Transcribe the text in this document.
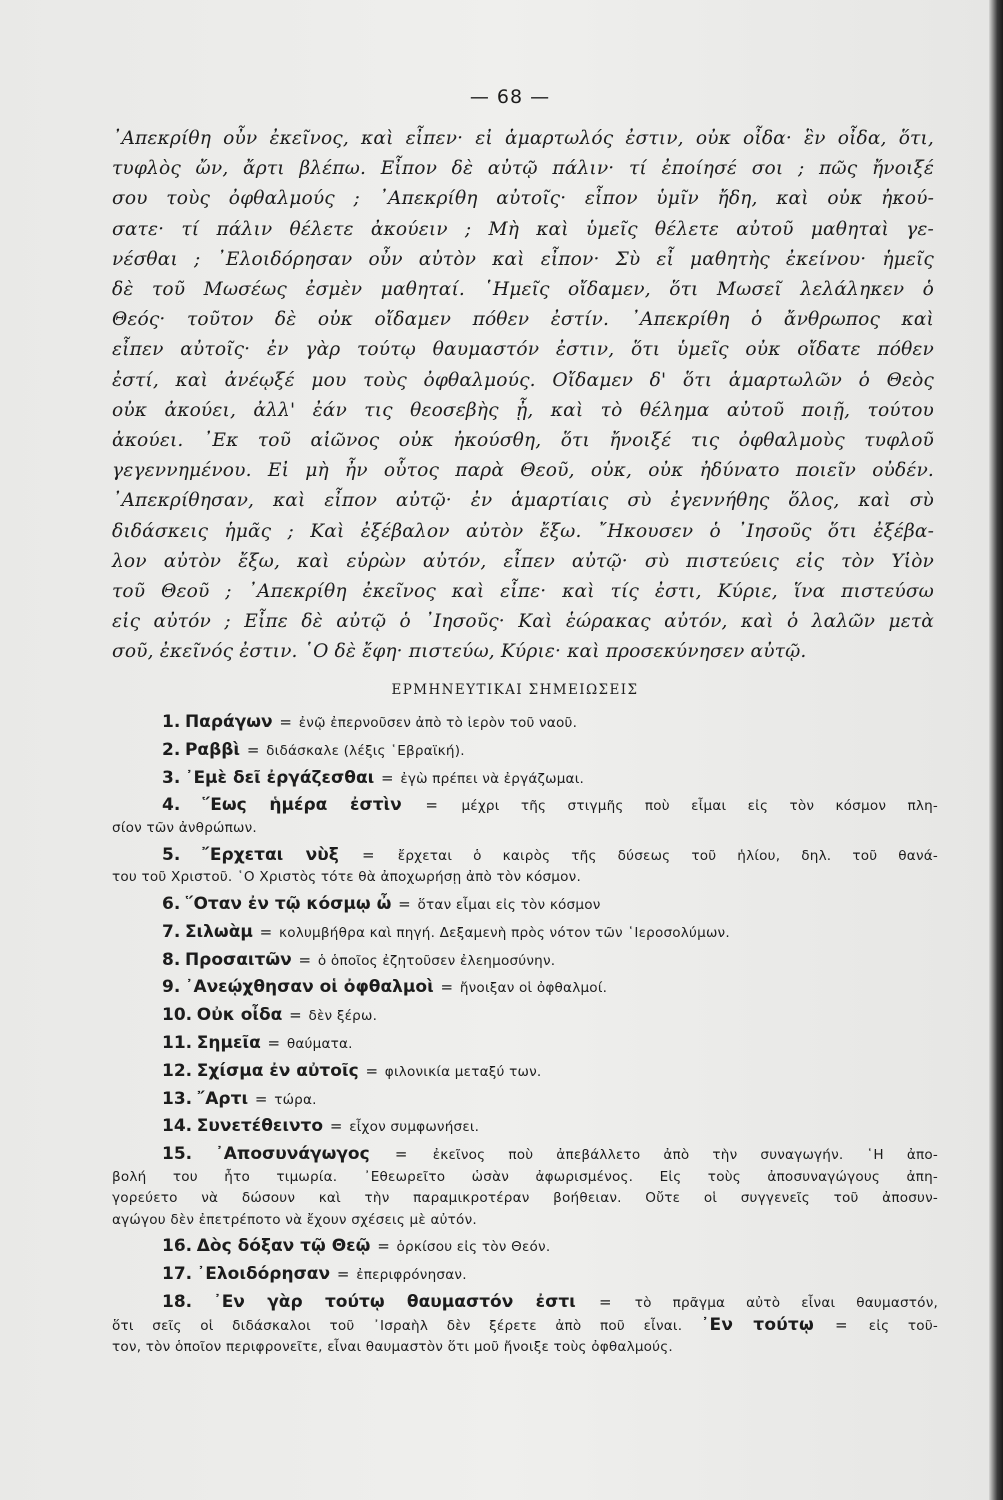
— 68 —
᾿Απεκρίθη οὖν ἐκεῖνος, καὶ εἶπεν· εἰ ἁμαρτωλός ἐστιν, οὐκ οἶδα· ἓν οἶδα, ὅτι,
τυφλὸς ὤν, ἄρτι βλέπω. Εἶπον δὲ αὐτῷ πάλιν· τί ἐποίησέ σοι ; πῶς ἤνοιξέ
σου τοὺς ὀφθαλμούς ; ᾿Απεκρίθη αὐτοῖς· εἶπον ὑμῖν ἤδη, καὶ οὐκ ἠκού-
σατε· τί πάλιν θέλετε ἀκούειν ; Μὴ καὶ ὑμεῖς θέλετε αὐτοῦ μαθηταὶ γε-
νέσθαι ; ᾿Ελοιδόρησαν οὖν αὐτὸν καὶ εἶπον· Σὺ εἶ μαθητὴς ἐκείνου· ἡμεῖς
δὲ τοῦ Μωσέως ἐσμὲν μαθηταί. ῾Ημεῖς οἴδαμεν, ὅτι Μωσεῖ λελάληκεν ὁ
Θεός· τοῦτον δὲ οὐκ οἴδαμεν πόθεν ἐστίν. ᾿Απεκρίθη ὁ ἄνθρωπος καὶ
εἶπεν αὐτοῖς· ἐν γὰρ τούτῳ θαυμαστόν ἐστιν, ὅτι ὑμεῖς οὐκ οἴδατε πόθεν
ἐστί, καὶ ἀνέῳξέ μου τοὺς ὀφθαλμούς. Οἴδαμεν δ' ὅτι ἁμαρτωλῶν ὁ Θεὸς
οὐκ ἀκούει, ἀλλ' ἐάν τις θεοσεβὴς ᾖ, καὶ τὸ θέλημα αὐτοῦ ποιῇ, τούτου
ἀκούει. ᾿Εκ τοῦ αἰῶνος οὐκ ἠκούσθη, ὅτι ἤνοιξέ τις ὀφθαλμοὺς τυφλοῦ
γεγεννημένου. Εἰ μὴ ἦν οὗτος παρὰ Θεοῦ, οὐκ, οὐκ ἠδύνατο ποιεῖν οὐδέν.
᾿Απεκρίθησαν, καὶ εἶπον αὐτῷ· ἐν ἁμαρτίαις σὺ ἐγεννήθης ὅλος, καὶ σὺ
διδάσκεις ἡμᾶς ; Καὶ ἐξέβαλον αὐτὸν ἔξω. ῎Ηκουσεν ὁ ᾿Ιησοῦς ὅτι ἐξέβα-
λον αὐτὸν ἔξω, καὶ εὑρὼν αὐτόν, εἶπεν αὐτῷ· σὺ πιστεύεις εἰς τὸν Υἱὸν
τοῦ Θεοῦ ; ᾿Απεκρίθη ἐκεῖνος καὶ εἶπε· καὶ τίς ἐστι, Κύριε, ἵνα πιστεύσω
εἰς αὐτόν ; Εἶπε δὲ αὐτῷ ὁ ᾿Ιησοῦς· Καὶ ἑώρακας αὐτόν, καὶ ὁ λαλῶν μετὰ
σοῦ, ἐκεῖνός ἐστιν. ῾Ο δὲ ἔφη· πιστεύω, Κύριε· καὶ προσεκύνησεν αὐτῷ.
ΕΡΜΗΝΕΥΤΙΚΑΙ ΣΗΜΕΙΩΣΕΙΣ
1. Παράγων = ἐνῷ ἐπερνοῦσεν ἀπὸ τὸ ἱερὸν τοῦ ναοῦ.
2. Ραββὶ = διδάσκαλε (λέξις ῾Εβραϊκή).
3. ᾿Εμὲ δεῖ ἐργάζεσθαι = ἐγὼ πρέπει νὰ ἐργάζωμαι.
4. ῞Εως ἡμέρα ἐστὶν = μέχρι τῆς στιγμῆς ποὺ εἶμαι εἰς τὸν κόσμον πλη-
σίον τῶν ἀνθρώπων.
5. ῎Ερχεται νὺξ = ἔρχεται ὁ καιρὸς τῆς δύσεως τοῦ ἡλίου, δηλ. τοῦ θανά-
του τοῦ Χριστοῦ. ῾Ο Χριστὸς τότε θὰ ἀποχωρήσῃ ἀπὸ τὸν κόσμον.
6. ῞Οταν ἐν τῷ κόσμῳ ὦ = ὅταν εἶμαι εἰς τὸν κόσμον
7. Σιλωὰμ = κολυμβήθρα καὶ πηγή. Δεξαμενὴ πρὸς νότον τῶν ῾Ιεροσολύμων.
8. Προσαιτῶν = ὁ ὁποῖος ἐζητοῦσεν ἐλεημοσύνην.
9. ᾿Ανεῴχθησαν οἱ ὀφθαλμοὶ = ἤνοιξαν οἱ ὀφθαλμοί.
10. Οὐκ οἶδα = δὲν ξέρω.
11. Σημεῖα = θαύματα.
12. Σχίσμα ἐν αὐτοῖς = φιλονικία μεταξύ των.
13. ῎Αρτι = τώρα.
14. Συνετέθειντο = εἶχον συμφωνήσει.
15. ᾿Αποσυνάγωγος = ἐκεῖνος ποὺ ἀπεβάλλετο ἀπὸ τὴν συναγωγήν. ῾Η ἀπο-
βολή του ἦτο τιμωρία. ᾿Εθεωρεῖτο ὡσὰν ἀφωρισμένος. Εἰς τοὺς ἀποσυναγώγους ἀπη-
γορεύετο νὰ δώσουν καὶ τὴν παραμικροτέραν βοήθειαν. Οὔτε οἱ συγγενεῖς τοῦ ἀποσυν-
αγώγου δὲν ἐπετρέποτο νὰ ἔχουν σχέσεις μὲ αὐτόν.
16. Δὸς δόξαν τῷ Θεῷ = ὁρκίσου εἰς τὸν Θεόν.
17. ᾿Ελοιδόρησαν = ἐπεριφρόνησαν.
18. ᾿Εν γὰρ τούτῳ θαυμαστόν ἐστι = τὸ πρᾶγμα αὐτὸ εἶναι θαυμαστόν,
ὅτι σεῖς οἱ διδάσκαλοι τοῦ ᾿Ισραὴλ δὲν ξέρετε ἀπὸ ποῦ εἶναι. ᾿Εν τούτῳ = εἰς τοῦ-
τον, τὸν ὁποῖον περιφρονεῖτε, εἶναι θαυμαστὸν ὅτι μοῦ ἤνοιξε τοὺς ὀφθαλμούς.
